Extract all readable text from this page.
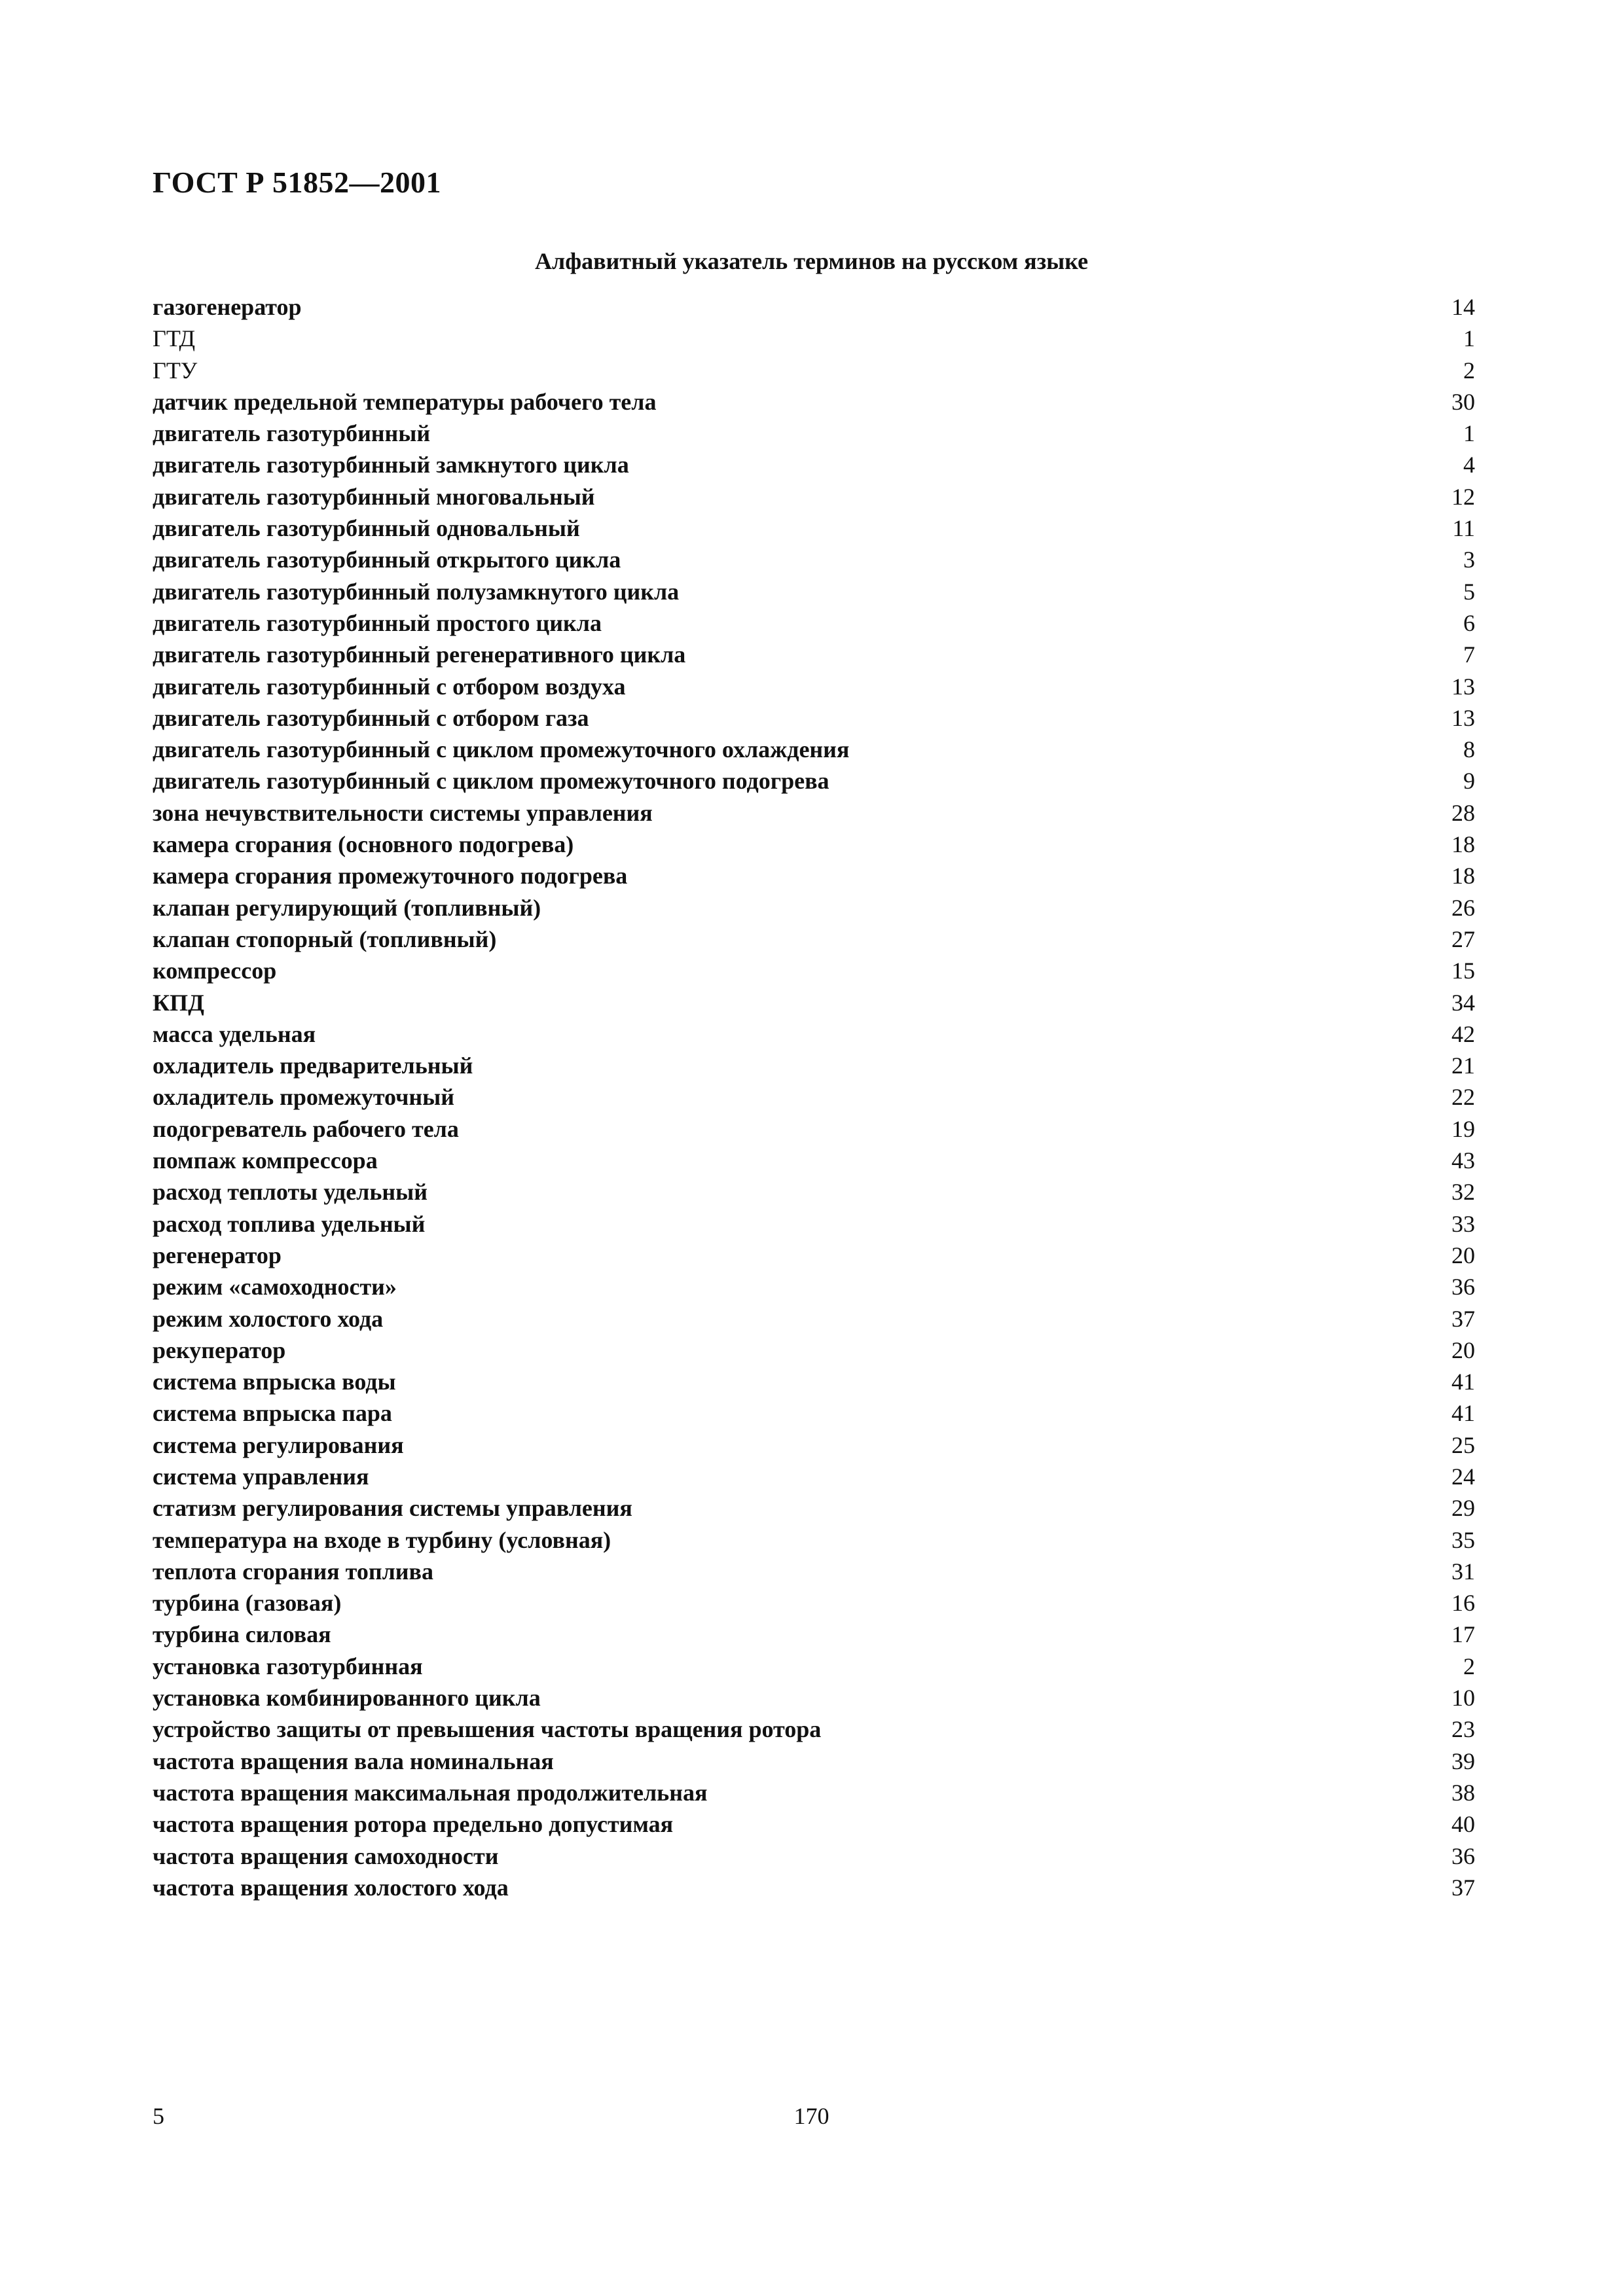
ГОСТ Р 51852—2001
Алфавитный указатель терминов на русском языке
газогенератор	14
ГТД	1
ГТУ	2
датчик предельной температуры рабочего тела	30
двигатель газотурбинный	1
двигатель газотурбинный замкнутого цикла	4
двигатель газотурбинный многовальный	12
двигатель газотурбинный одновальный	11
двигатель газотурбинный открытого цикла	3
двигатель газотурбинный полузамкнутого цикла	5
двигатель газотурбинный простого цикла	6
двигатель газотурбинный регенеративного цикла	7
двигатель газотурбинный с отбором воздуха	13
двигатель газотурбинный с отбором газа	13
двигатель газотурбинный с циклом промежуточного охлаждения	8
двигатель газотурбинный с циклом промежуточного подогрева	9
зона нечувствительности системы управления	28
камера сгорания (основного подогрева)	18
камера сгорания промежуточного подогрева	18
клапан регулирующий (топливный)	26
клапан стопорный (топливный)	27
компрессор	15
КПД	34
масса удельная	42
охладитель предварительный	21
охладитель промежуточный	22
подогреватель рабочего тела	19
помпаж компрессора	43
расход теплоты удельный	32
расход топлива удельный	33
регенератор	20
режим «самоходности»	36
режим холостого хода	37
рекуператор	20
система впрыска воды	41
система впрыска пара	41
система регулирования	25
система управления	24
статизм регулирования системы управления	29
температура на входе в турбину (условная)	35
теплота сгорания топлива	31
турбина (газовая)	16
турбина силовая	17
установка газотурбинная	2
установка комбинированного цикла	10
устройство защиты от превышения частоты вращения ротора	23
частота вращения вала номинальная	39
частота вращения максимальная продолжительная	38
частота вращения ротора предельно допустимая	40
частота вращения самоходности	36
частота вращения холостого хода	37
5	170
